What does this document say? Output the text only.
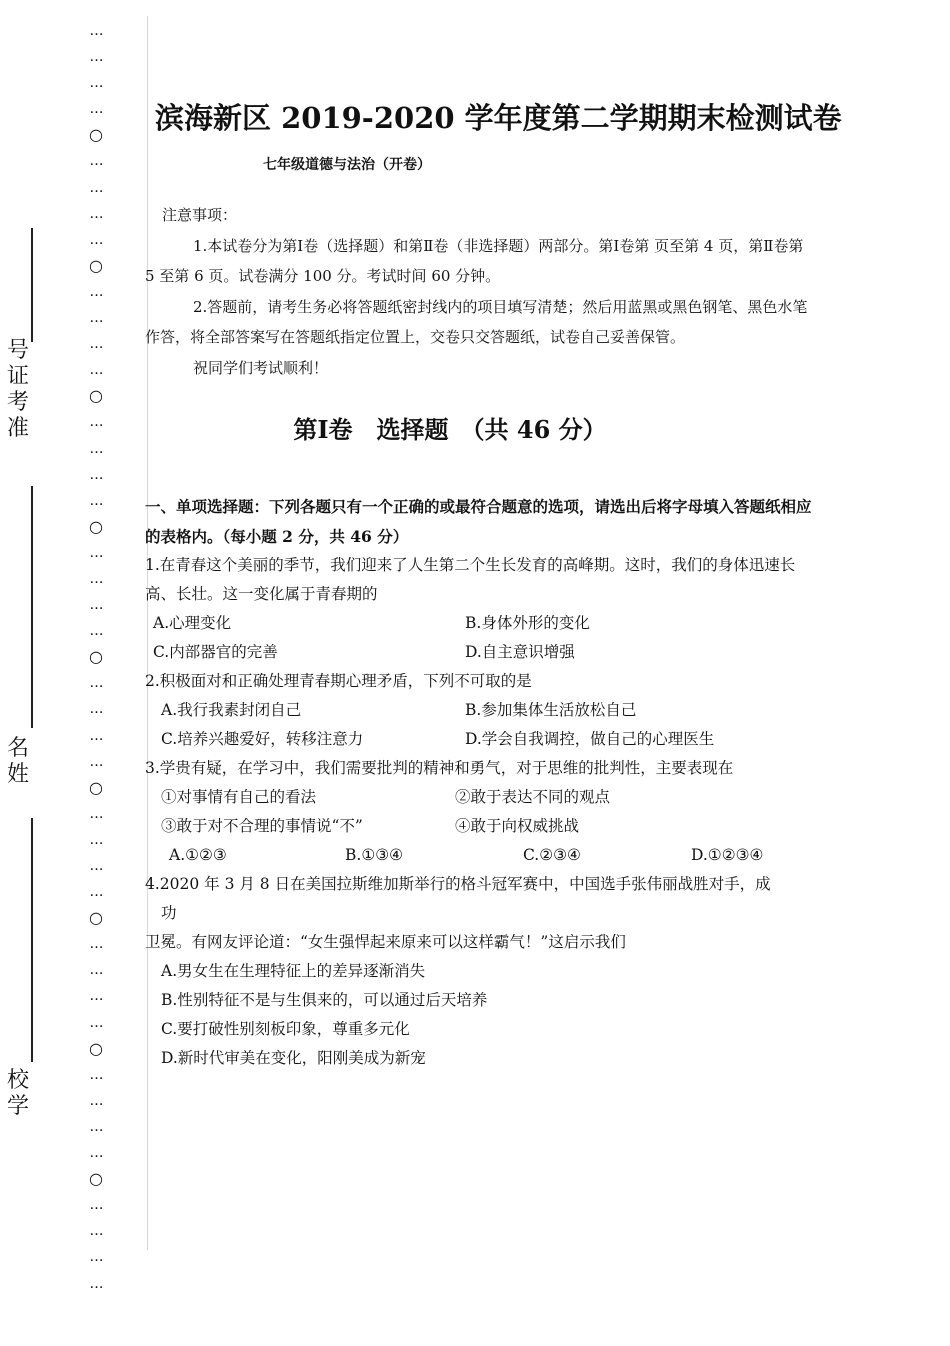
…
…
…
…
○
…
…
…
…
○
…
…
…
…
○
…
…
…
…
○
…
…
…
…
○
…
…
…
…
○
…
…
…
…
○
…
…
…
…
○
…
…
…
…
○
…
…
…
…
号证考准
名姓
校学
滨海新区 2019-2020 学年度第二学期期末检测试卷
七年级道德与法治（开卷）

注意事项：

1.本试卷分为第Ⅰ卷（选择题）和第Ⅱ卷（非选择题）两部分。第Ⅰ卷第 页至第 4 页，第Ⅱ卷第 5 至第 6 页。试卷满分 100 分。考试时间 60 分钟。

2.答题前，请考生务必将答题纸密封线内的项目填写清楚；然后用蓝黑或黑色钢笔、黑色水笔作答，将全部答案写在答题纸指定位置上，交卷只交答题纸，试卷自己妥善保管。

祝同学们考试顺利！

第Ⅰ卷　选择题　（共 46 分）
一、单项选择题：下列各题只有一个正确的或最符合题意的选项，请选出后将字母填入答题纸相应的表格内。（每小题 2 分，共 46 分）

1.在青春这个美丽的季节，我们迎来了人生第二个生长发育的高峰期。这时，我们的身体迅速长高、长壮。这一变化属于青春期的

A.心理变化	B.身体外形的变化
C.内部器官的完善	D.自主意识增强

2.积极面对和正确处理青春期心理矛盾，下列不可取的是

A.我行我素封闭自己	B.参加集体生活放松自己
C.培养兴趣爱好，转移注意力	D.学会自我调控，做自己的心理医生

3.学贵有疑，在学习中，我们需要批判的精神和勇气，对于思维的批判性，主要表现在

①对事情有自己的看法	②敢于表达不同的观点
③敢于对不合理的事情说“不”	④敢于向权威挑战
A.①②③	B.①③④	C.②③④	D.①②③④

4.2020 年 3 月 8 日在美国拉斯维加斯举行的格斗冠军赛中，中国选手张伟丽战胜对手，成

功

卫冕。有网友评论道：“女生强悍起来原来可以这样霸气！”这启示我们

A.男女生在生理特征上的差异逐渐消失
B.性别特征不是与生俱来的，可以通过后天培养
C.要打破性别刻板印象，尊重多元化
D.新时代审美在变化，阳刚美成为新宠
